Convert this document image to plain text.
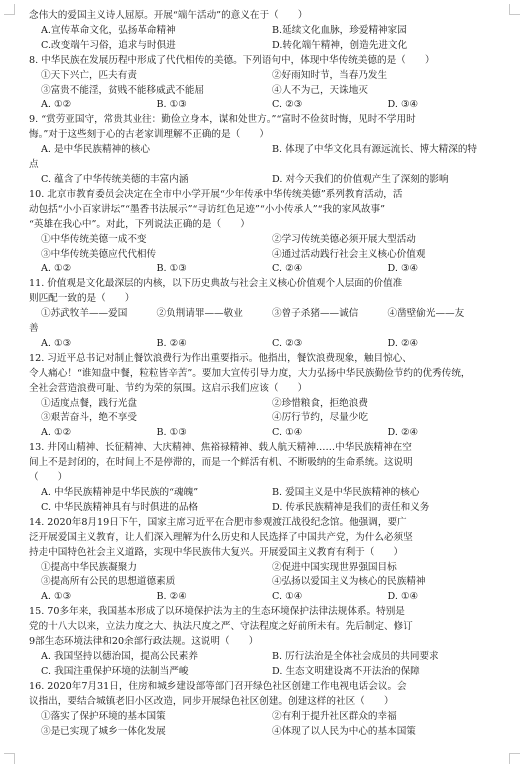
念伟大的爱国主义诗人屈原。开展“端午活动”的意义在于（　　）
A.宣传革命文化，弘扬革命精神	B.延续文化血脉，珍爱精神家园
C.改变端午习俗，追求与时俱进	D.转化端午精神，创造先进文化
8. 中华民族在发展历程中形成了代代相传的美德。下列语句中，体现中华传统美德的是（　　）
①天下兴亡，匹夫有责	②好雨知时节，当春乃发生
③富贵不能淫，贫贱不能移威武不能屈	④人不为己，天诛地灭
A. ①②	B. ①③	C. ②③	D. ③④
9. “赏劳亚国守，常贵其业往：勤俭立身本，谋和处世方。”“富时不俭贫时悔，见时不学用时
悔。”对于这些刻于心的古老家训理解不正确的是（　　）
A. 是中华民族精神的核心	B. 体现了中华文化具有源远流长、博大精深的特
点
C. 蕴含了中华传统美德的丰富内涵	D. 对今天我们的价值观产生了深刻的影响
10. 北京市教育委员会决定在全市中小学开展“少年传承中华传统美德”系列教育活动，活
动包括“小小百家讲坛”“墨香书法展示”“寻访红色足迹”“小小传承人”“我的家风故事”
“英雄在我心中”。对此，下列说法正确的是（　　）
①中华传统美德一成不变	②学习传统美德必须开展大型活动
③中华传统美德应代代相传	④通过活动践行社会主义核心价值观
A. ①②	B. ①③	C. ②④	D. ③④
11. 价值观是文化最深层的内核，以下历史典故与社会主义核心价值观个人层面的价值准
则匹配一致的是（　　）
①苏武牧羊——爱国	②负荆请罪——敬业	③曾子杀猪——诚信	④凿壁偷光——友
善
A. ①③	B. ②④	C. ②③	D. ②④
12. 习近平总书记对制止餐饮浪费行为作出重要指示。他指出，餐饮浪费现象，触目惊心、
令人痛心！“谁知盘中餐，粒粒皆辛苦”。要加大宣传引导力度，大力弘扬中华民族勤俭节约的优秀传统，
全社会营造浪费可耻、节约为荣的氛围。这启示我们应该（　　）
①适度点餐，践行光盘	②珍惜粮食，拒绝浪费
③艰苦奋斗，绝不享受	④厉行节约，尽量少吃
A. ①②	B. ①③	C. ①④	D. ②④
13. 井冈山精神、长征精神、大庆精神、焦裕禄精神、载人航天精神……中华民族精神在空
间上不是封闭的，在时间上不是停滞的，而是一个鲜活有机、不断吸纳的生命系统。这说明
（　　）
A. 中华民族精神是中华民族的“魂魄”	B. 爱国主义是中华民族精神的核心
C. 中华民族精神具有与时俱进的品格	D. 传承民族精神是我们的责任和义务
14. 2020年8月19日下午，国家主席习近平在合肥市参观渡江战役纪念馆。他强调，要广
泛开展爱国主义教育，让人们深入理解为什么历史和人民选择了中国共产党，为什么必须坚
持走中国特色社会主义道路，实现中华民族伟大复兴。开展爱国主义教育有利于（　　）
①提高中华民族凝聚力	②促进中国实现世界强国目标
③提高所有公民的思想道德素质	④弘扬以爱国主义为核心的民族精神
A. ①③	B. ②④	C. ①④	D. ①④
15. 70多年来，我国基本形成了以环境保护法为主的生态环境保护法律法规体系。特别是
党的十八大以来，立法力度之大、执法尺度之严、守法程度之好前所未有。先后制定、修订
9部生态环境法律和20余部行政法规。这说明（　　）
A. 我国坚持以德治国，提高公民素养	B. 厉行法治是全体社会成员的共同要求
C. 我国注重保护环境的法制当严峻	D. 生态文明建设离不开法治的保障
16. 2020年7月31日，住房和城乡建设部等部门召开绿色社区创建工作电视电话会议。会
议指出，要结合城镇老旧小区改造，同步开展绿色社区创建。创建这样的社区（　　）
①落实了保护环境的基本国策	②有利于提升社区群众的幸福
③是已实现了城乡一体化发展	④体现了以人民为中心的基本国策
